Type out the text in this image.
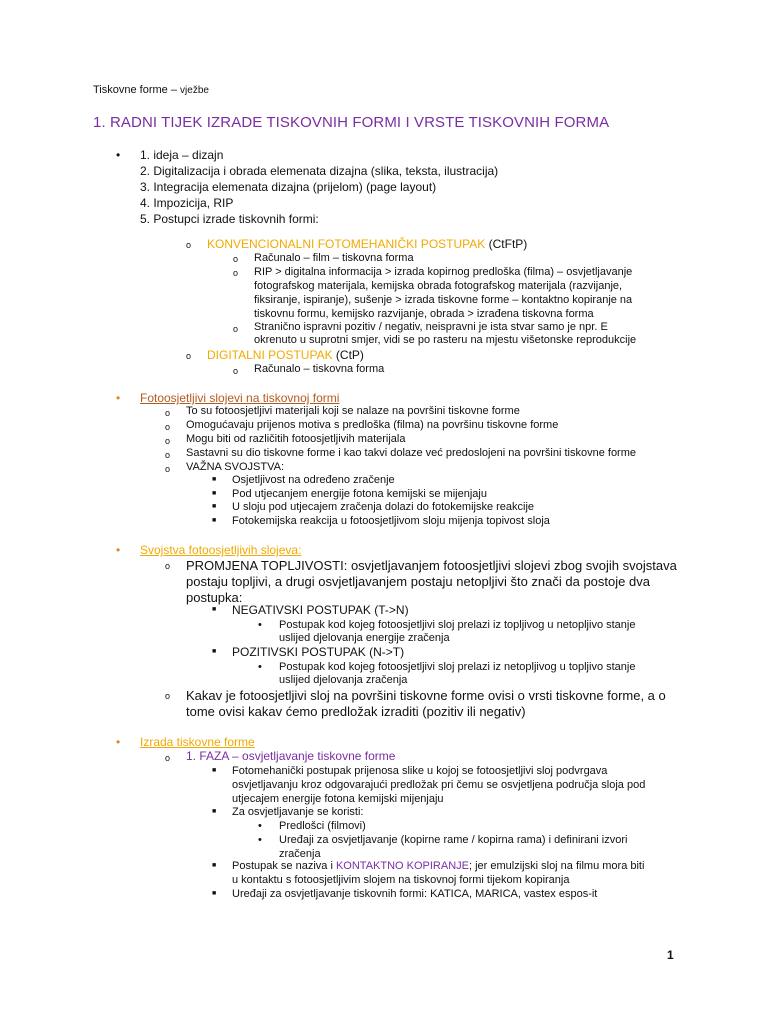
Tiskovne forme – vježbe
1. RADNI TIJEK IZRADE TISKOVNIH FORMI I VRSTE TISKOVNIH FORMA
• 1. ideja – dizajn
2. Digitalizacija i obrada elemenata dizajna (slika, teksta, ilustracija)
3. Integracija elemenata dizajna (prijelom) (page layout)
4. Impozicija, RIP
5. Postupci izrade tiskovnih formi:
o KONVENCIONALNI FOTOMEHANIČKI POSTUPAK (CtFtP)
o Računalo – film – tiskovna forma
o RIP > digitalna informacija > izrada kopirnog predloška (filma) – osvjetljavanje
fotografskog materijala, kemijska obrada fotografskog materijala (razvijanje,
fiksiranje, ispiranje), sušenje > izrada tiskovne forme – kontaktno kopiranje na
tiskovnu formu, kemijsko razvijanje, obrada > izrađena tiskovna forma
o Stranično ispravni pozitiv / negativ, neispravni je ista stvar samo je npr. E
okrenuto u suprotni smjer, vidi se po rasteru na mjestu višetonske reprodukcije
o DIGITALNI POSTUPAK (CtP)
o Računalo – tiskovna forma
• Fotoosjetljivi slojevi na tiskovnoj formi
o To su fotoosjetljivi materijali koji se nalaze na površini tiskovne forme
o Omogućavaju prijenos motiva s predloška (filma) na površinu tiskovne forme
o Mogu biti od različitih fotoosjetljivih materijala
o Sastavni su dio tiskovne forme i kao takvi dolaze već predoslojeni na površini tiskovne forme
o VAŽNA SVOJSTVA:
■ Osjetljivost na određeno zračenje
■ Pod utjecanjem energije fotona kemijski se mijenjaju
■ U sloju pod utjecajem zračenja dolazi do fotokemijske reakcije
■ Fotokemijska reakcija u fotoosjetljivom sloju mijenja topivost sloja
• Svojstva fotoosjetljivih slojeva:
o PROMJENA TOPLJIVOSTI: osvjetljavanjem fotoosjetljivi slojevi zbog svojih svojstava
postaju topljivi, a drugi osvjetljavanjem postaju netopljivi što znači da postoje dva
postupka:
■ NEGATIVSKI POSTUPAK (T->N)
• Postupak kod kojeg fotoosjetljivi sloj prelazi iz topljivog u netopljivo stanje
uslijed djelovanja energije zračenja
■ POZITIVSKI POSTUPAK (N->T)
• Postupak kod kojeg fotoosjetljivi sloj prelazi iz netopljivog u topljivo stanje
uslijed djelovanja zračenja
o Kakav je fotoosjetljivi sloj na površini tiskovne forme ovisi o vrsti tiskovne forme, a o
tome ovisi kakav ćemo predložak izraditi (pozitiv ili negativ)
• Izrada tiskovne forme
o 1. FAZA – osvjetljavanje tiskovne forme
■ Fotomehanički postupak prijenosa slike u kojoj se fotoosjetljivi sloj podvrgava
osvjetljavanju kroz odgovarajući predložak pri čemu se osvjetljena područja sloja pod
utjecajem energije fotona kemijski mijenjaju
■ Za osvjetljavanje se koristi:
• Predlošci (filmovi)
• Uređaji za osvjetljavanje (kopirne rame / kopirna rama) i definirani izvori
zračenja
■ Postupak se naziva i KONTAKTNO KOPIRANJE; jer emulzijski sloj na filmu mora biti
u kontaktu s fotoosjetljivim slojem na tiskovnoj formi tijekom kopiranja
■ Uređaji za osvjetljavanje tiskovnih formi: KATICA, MARICA, vastex espos-it
1
